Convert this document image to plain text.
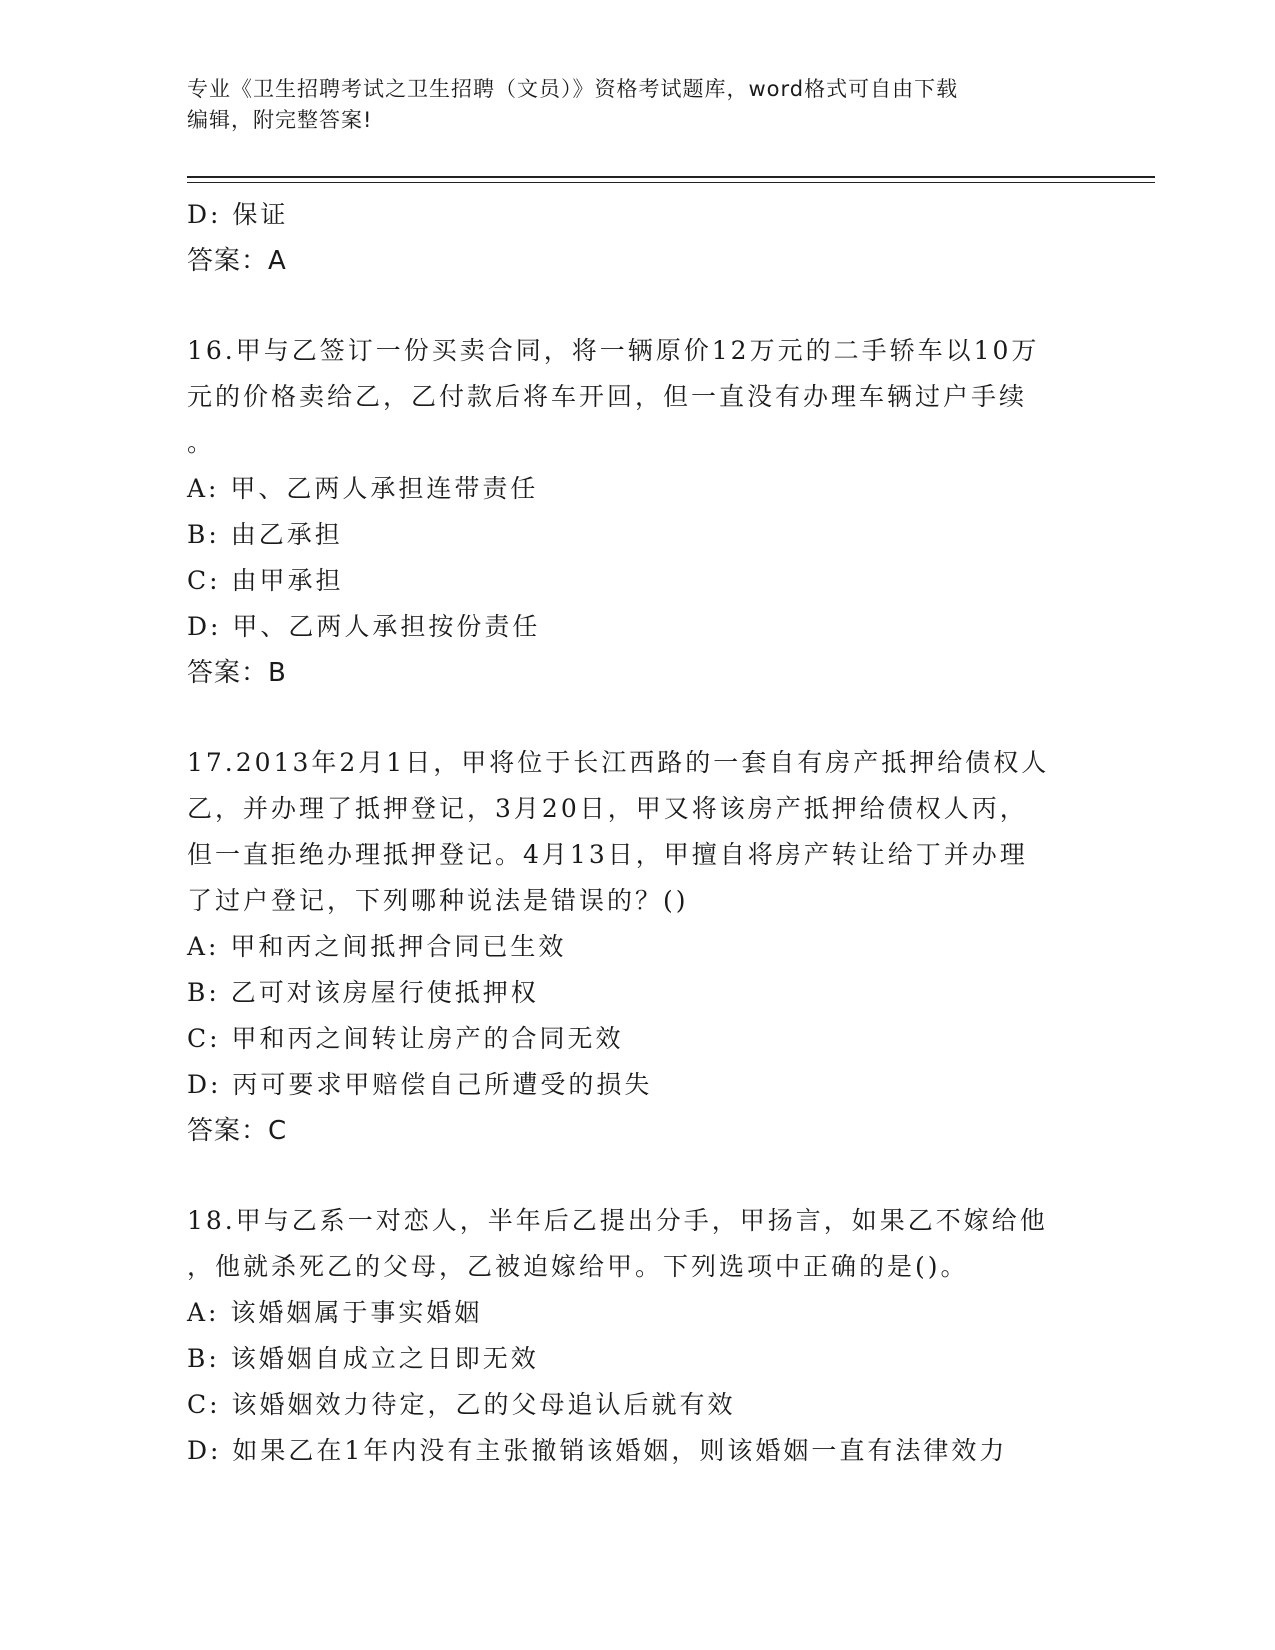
专业《卫生招聘考试之卫生招聘（文员）》资格考试题库，word格式可自由下载
编辑，附完整答案!
D: 保证
答案：A
16.甲与乙签订一份买卖合同，将一辆原价12万元的二手轿车以10万
元的价格卖给乙，乙付款后将车开回，但一直没有办理车辆过户手续
。
A: 甲、乙两人承担连带责任
B: 由乙承担
C: 由甲承担
D: 甲、乙两人承担按份责任
答案：B
17.2013年2月1日，甲将位于长江西路的一套自有房产抵押给债权人
乙，并办理了抵押登记，3月20日，甲又将该房产抵押给债权人丙，
但一直拒绝办理抵押登记。4月13日，甲擅自将房产转让给丁并办理
了过户登记，下列哪种说法是错误的？()
A: 甲和丙之间抵押合同已生效
B: 乙可对该房屋行使抵押权
C: 甲和丙之间转让房产的合同无效
D: 丙可要求甲赔偿自己所遭受的损失
答案：C
18.甲与乙系一对恋人，半年后乙提出分手，甲扬言，如果乙不嫁给他
，他就杀死乙的父母，乙被迫嫁给甲。下列选项中正确的是()。
A: 该婚姻属于事实婚姻
B: 该婚姻自成立之日即无效
C: 该婚姻效力待定，乙的父母追认后就有效
D: 如果乙在1年内没有主张撤销该婚姻，则该婚姻一直有法律效力
